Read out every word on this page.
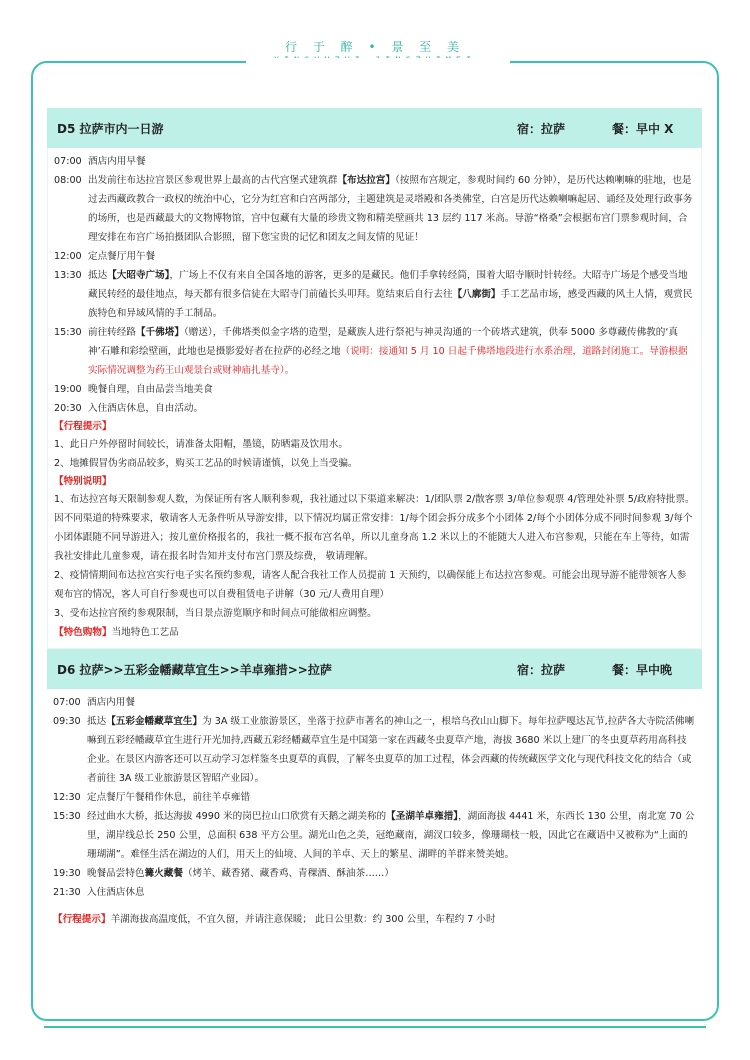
行 于 醉 • 景 至 美
D5 拉萨市内一日游	宿：拉萨	餐：早中 X
07:00 酒店内用早餐
08:00 出发前往布达拉宫景区参观世界上最高的古代宫堡式建筑群【布达拉宫】（按照布宫规定，参观时间约 60 分钟），是历代达赖喇嘛的驻地，也是过去西藏政教合一政权的统治中心，它分为红宫和白宫两部分，主题建筑是灵塔殿和各类佛堂，白宫是历代达赖喇嘛起居、诵经及处理行政事务的场所，也是西藏最大的文物博物馆，宫中包藏有大量的珍贵文物和精美壁画共 13 层约 117 米高。导游“格桑”会根据布宫门票参观时间，合理安排在布宫广场拍摄团队合影照，留下您宝贵的记忆和团友之间友情的见证！
12:00 定点餐厅用午餐
13:30 抵达【大昭寺广场】，广场上不仅有来自全国各地的游客，更多的是藏民。他们手拿转经筒，围着大昭寺顺时针转经。大昭寺广场是个感受当地藏民转经的最佳地点，每天都有很多信徒在大昭寺门前磕长头叩拜。览结束后自行去往【八廓街】手工艺品市场，感受西藏的风土人情，观赏民族特色和异域风情的手工制品。
15:30 前往转经路【千佛塔】（赠送），千佛塔类似金字塔的造型，是藏族人进行祭祀与神灵沟通的一个砖塔式建筑，供奉 5000 多尊藏传佛教的‘真神’石雕和彩绘壁画，此地也是摄影爱好者在拉萨的必经之地（说明：接通知 5 月 10 日起千佛塔地段进行水系治理，道路封闭施工。导游根据实际情况调整为药王山观景台或财神庙扎基寺）。
19:00 晚餐自理，自由品尝当地美食
20:30 入住酒店休息，自由活动。
【行程提示】
1、此日户外停留时间较长，请准备太阳帽，墨镜，防晒霜及饮用水。
2、地摊假冒伪劣商品较多，购买工艺品的时候请谨慎，以免上当受骗。
【特别说明】
1、布达拉宫每天限制参观人数，为保证所有客人顺利参观，我社通过以下渠道来解决：1/团队票 2/散客票 3/单位参观票 4/管理处补票 5/政府特批票。 因不同渠道的特殊要求，敬请客人无条件听从导游安排，以下情况均属正常安排：1/每个团会拆分成多个小团体 2/每个小团体分成不同时间参观 3/每个小团体跟随不同导游进入；按儿童价格报名的，我社一概不报布宫名单，所以儿童身高 1.2 米以上的不能随大人进入布宫参观，只能在车上等待，如需我社安排此儿童参观，请在报名时告知并支付布宫门票及综费， 敬请理解。
2、疫情情期间布达拉宫实行电子实名预约参观，请客人配合我社工作人员提前 1 天预约，以确保能上布达拉宫参观。可能会出现导游不能带领客人参观布宫的情况，客人可自行参观也可以自费租赁电子讲解（30 元/人费用自理）
3、受布达拉宫预约参观限制，当日景点游览顺序和时间点可能做相应调整。
【特色购物】当地特色工艺品
D6 拉萨>>五彩金幡藏草宜生>>羊卓雍措>>拉萨	宿：拉萨	餐：早中晚
07:00 酒店内用餐
09:30 抵达【五彩金幡藏草宜生】为 3A 级工业旅游景区，坐落于拉萨市著名的神山之一，根培乌孜山山脚下。每年拉萨嘎达瓦节,拉萨各大寺院活佛喇嘛到五彩经幡藏草宜生进行开光加持,西藏五彩经幡藏草宜生是中国第一家在西藏冬虫夏草产地，海拔 3680 米以上建厂的冬虫夏草药用高科技企业。在景区内游客还可以互动学习怎样鉴冬虫夏草的真假，了解冬虫夏草的加工过程，体会西藏的传统藏医学文化与现代科技文化的结合（或者前往 3A 级工业旅游景区智昭产业园）。
12:30 定点餐厅午餐稍作休息，前往羊卓雍错
15:30 经过曲水大桥，抵达海拔 4990 米的岗巴拉山口欣赏有天鹅之湖美称的【圣湖羊卓雍措】，湖面海拔 4441 米，东西长 130 公里，南北宽 70 公里，湖岸线总长 250 公里，总面积 638 平方公里。湖光山色之美，冠绝藏南，湖汊口较多，像珊瑚枝一般，因此它在藏语中又被称为“上面的珊瑚湖”。难怪生活在湖边的人们，用天上的仙境、人间的羊卓、天上的繁星、湖畔的羊群来赞美她。
19:30 晚餐品尝特色篝火藏餐（烤羊、藏香猪、藏香鸡、青稞酒、酥油茶……）
21:30 入住酒店休息
【行程提示】羊湖海拔高温度低，不宜久留，并请注意保暖； 此日公里数：约 300 公里，车程约 7 小时
